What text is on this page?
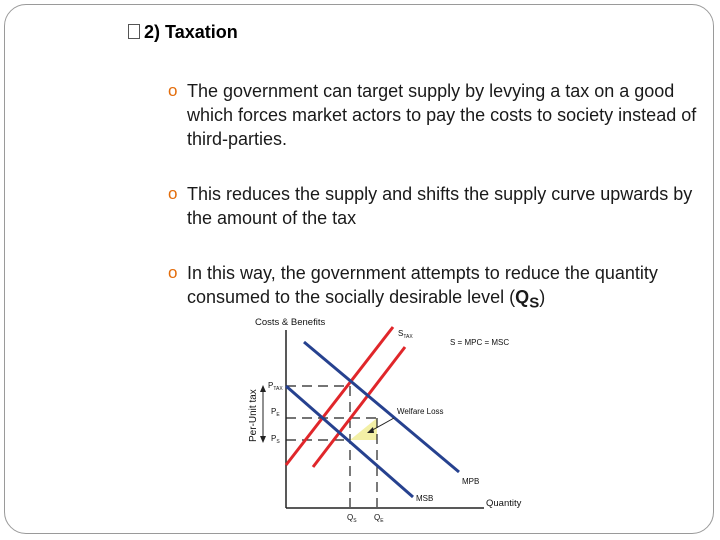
2) Taxation
o The government can target supply by levying a tax on a good which forces market actors to pay the costs to society instead of third-parties.
o This reduces the supply and shifts the supply curve upwards by the amount of the tax
o In this way, the government attempts to reduce the quantity consumed to the socially desirable level $(Q_S)$
Costs & Benefits
Quantity
Per-Unit tax
$S_{TAX}$
S = MPC = MSC
MPB
MSB
Welfare Loss
$P_{TAX}$
$P_E$
$P_S$
$Q_S$ $Q_E$
